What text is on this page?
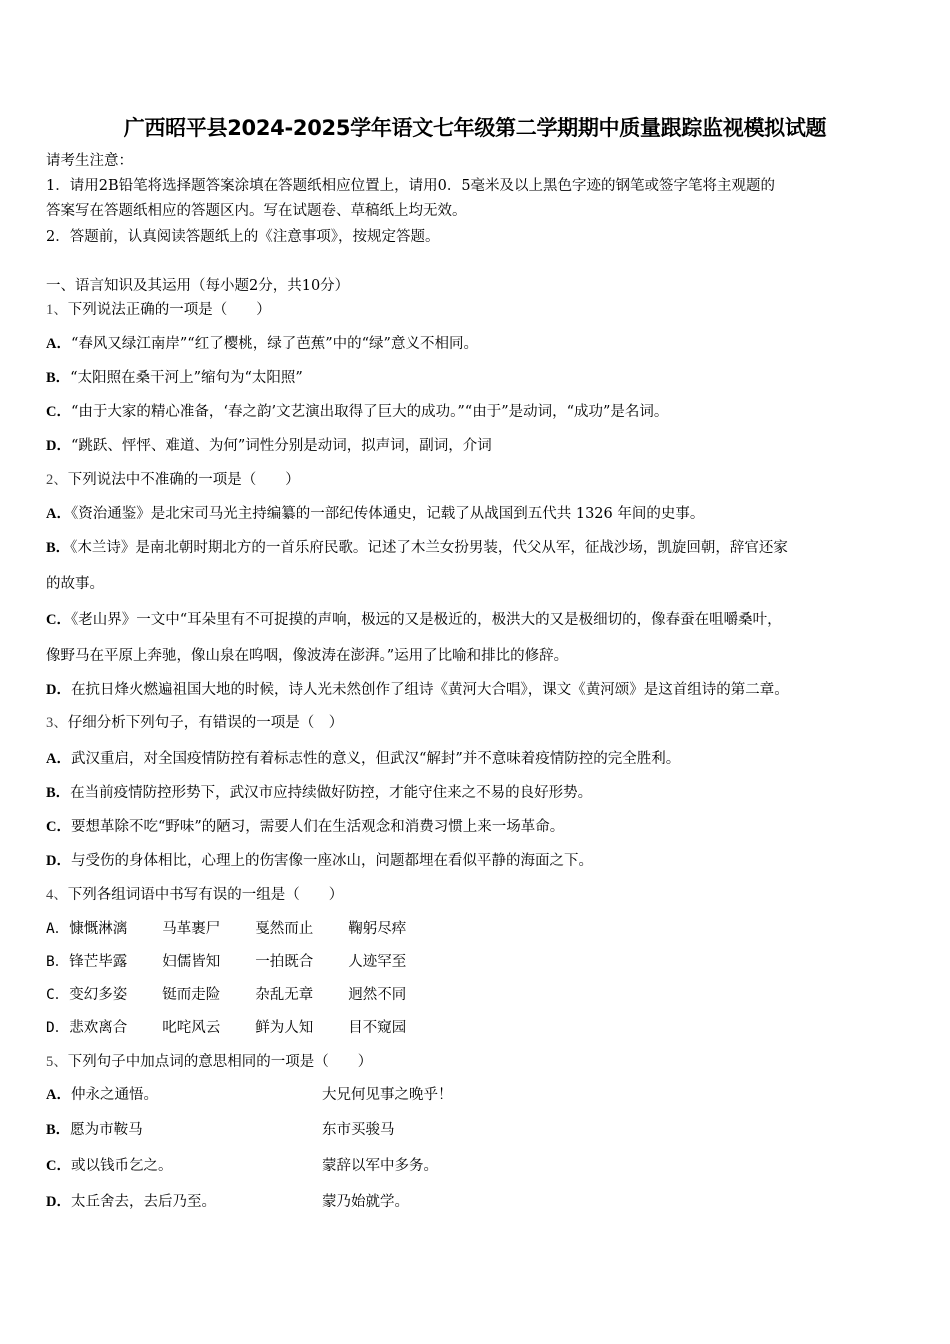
广西昭平县2024-2025学年语文七年级第二学期期中质量跟踪监视模拟试题
请考生注意：
1．请用2B铅笔将选择题答案涂填在答题纸相应位置上，请用0．5毫米及以上黑色字迹的钢笔或签字笔将主观题的
答案写在答题纸相应的答题区内。写在试题卷、草稿纸上均无效。
2．答题前，认真阅读答题纸上的《注意事项》，按规定答题。
一、语言知识及其运用（每小题2分，共10分）
1、下列说法正确的一项是（　　）
A．“春风又绿江南岸”“红了樱桃，绿了芭蕉”中的“绿”意义不相同。
B．“太阳照在桑干河上”缩句为“太阳照”
C．“由于大家的精心准备，‘春之韵’文艺演出取得了巨大的成功。”“由于”是动词，“成功”是名词。
D．“跳跃、怦怦、难道、为何”词性分别是动词，拟声词，副词，介词
2、下列说法中不准确的一项是（　　）
A．《资治通鉴》是北宋司马光主持编纂的一部纪传体通史，记载了从战国到五代共 1326 年间的史事。
B．《木兰诗》是南北朝时期北方的一首乐府民歌。记述了木兰女扮男装，代父从军，征战沙场，凯旋回朝，辞官还家
的故事。
C．《老山界》一文中“耳朵里有不可捉摸的声响，极远的又是极近的，极洪大的又是极细切的，像春蚕在咀嚼桑叶，
像野马在平原上奔驰，像山泉在呜咽，像波涛在澎湃。”运用了比喻和排比的修辞。
D．在抗日烽火燃遍祖国大地的时候，诗人光未然创作了组诗《黄河大合唱》，课文《黄河颂》是这首组诗的第二章。
3、仔细分析下列句子，有错误的一项是（　）
A．武汉重启，对全国疫情防控有着标志性的意义，但武汉“解封”并不意味着疫情防控的完全胜利。
B．在当前疫情防控形势下，武汉市应持续做好防控，才能守住来之不易的良好形势。
C．要想革除不吃“野味”的陋习，需要人们在生活观念和消费习惯上来一场革命。
D．与受伤的身体相比，心理上的伤害像一座冰山，问题都埋在看似平静的海面之下。
4、下列各组词语中书写有误的一组是（　　）
A．慷慨淋漓 马革裹尸 戛然而止 鞠躬尽瘁
B．锋芒毕露 妇儒皆知 一拍既合 人迹罕至
C．变幻多姿 铤而走险 杂乱无章 迥然不同
D．悲欢离合 叱咤风云 鲜为人知 目不窥园
5、下列句子中加点词的意思相同的一项是（　　）
A．仲永之通悟。	大兄何见事之晚乎！
B．愿为市鞍马	东市买骏马
C．或以钱币乞之。	蒙辞以军中多务。
D．太丘舍去，去后乃至。	蒙乃始就学。
